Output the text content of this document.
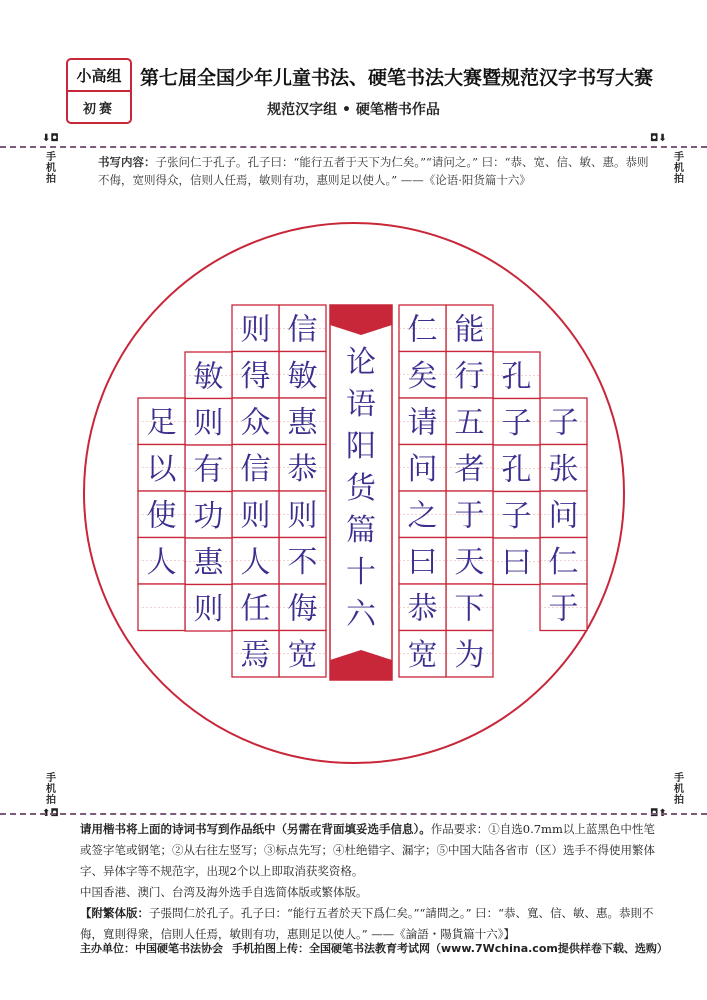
小高组
初赛
第七届全国少年儿童书法、硬笔书法大赛暨规范汉字书写大赛
规范汉字组 • 硬笔楷书作品
⬇◘
手机拍
◘⬇
手机拍
手机拍
⬆◘
手机拍
◘⬆
书写内容：子张问仁于孔子。孔子曰：“能行五者于天下为仁矣。”“请问之。” 曰：“恭、宽、信、敏、惠。恭则不侮，宽则得众，信则人任焉，敏则有功，惠则足以使人。” ——《论语·阳货篇十六》
子
张
问
仁
于
孔
子
孔
子
曰
能
行
五
者
于
天
下
为
仁
矣
请
问
之
曰
恭
宽
信
敏
惠
恭
则
不
侮
宽
则
得
众
信
则
人
任
焉
敏
则
有
功
惠
则
足
以
使
人
论语阳货篇十六
请用楷书将上面的诗词书写到作品纸中（另需在背面填妥选手信息）。作品要求：①自选0.7mm以上蓝黑色中性笔或签字笔或钢笔；②从右往左竖写；③标点先写；④杜绝错字、漏字；⑤中国大陆各省市（区）选手不得使用繁体字、异体字等不规范字，出现2个以上即取消获奖资格。
中国香港、澳门、台湾及海外选手自选简体版或繁体版。
【附繁体版：子張問仁於孔子。孔子曰：“能行五者於天下爲仁矣。”“請問之。” 曰：“恭、寬、信、敏、惠。恭則不侮，寬則得衆，信則人任焉，敏則有功，惠則足以使人。” ——《論語・陽貨篇十六》】
主办单位：中国硬笔书法协会 手机拍图上传：全国硬笔书法教育考试网（www.7Wchina.com提供样卷下载、选购）
